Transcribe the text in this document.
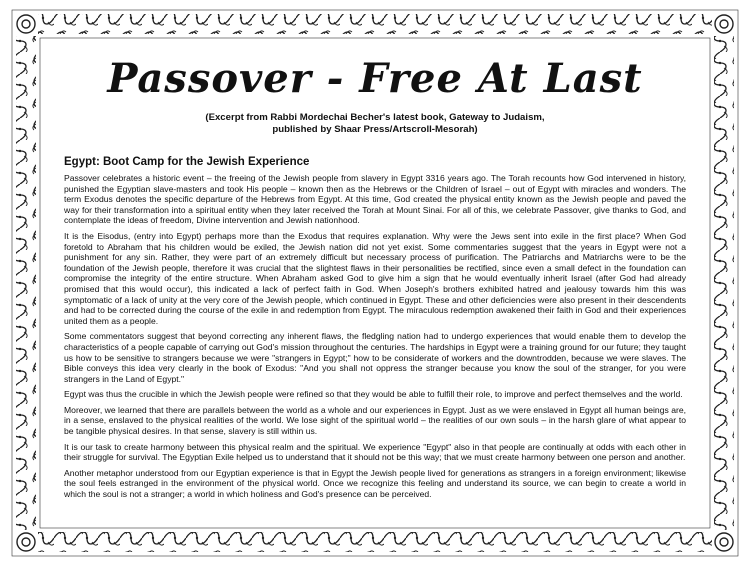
Passover - Free At Last

(Excerpt from Rabbi Mordechai Becher's latest book, Gateway to Judaism,
published by Shaar Press/Artscroll-Mesorah)

Egypt: Boot Camp for the Jewish Experience

Passover celebrates a historic event – the freeing of the Jewish people from slavery in Egypt 3316 years ago. The Torah recounts how God intervened in history, punished the Egyptian slave-masters and took His people – known then as the Hebrews or the Children of Israel – out of Egypt with miracles and wonders. The term Exodus denotes the specific departure of the Hebrews from Egypt. At this time, God created the physical entity known as the Jewish people and paved the way for their transformation into a spiritual entity when they later received the Torah at Mount Sinai. For all of this, we celebrate Passover, give thanks to God, and contemplate the ideas of freedom, Divine intervention and Jewish nationhood.

It is the Eisodus, (entry into Egypt) perhaps more than the Exodus that requires explanation. Why were the Jews sent into exile in the first place? When God foretold to Abraham that his children would be exiled, the Jewish nation did not yet exist. Some commentaries suggest that the years in Egypt were not a punishment for any sin. Rather, they were part of an extremely difficult but necessary process of purification. The Patriarchs and Matriarchs were to be the foundation of the Jewish people, therefore it was crucial that the slightest flaws in their personalities be rectified, since even a small defect in the foundation can compromise the integrity of the entire structure. When Abraham asked God to give him a sign that he would eventually inherit Israel (after God had already promised that this would occur), this indicated a lack of perfect faith in God. When Joseph's brothers exhibited hatred and jealousy towards him this was symptomatic of a lack of unity at the very core of the Jewish people, which continued in Egypt. These and other deficiencies were also present in their descendents and had to be corrected during the course of the exile in and redemption from Egypt. The miraculous redemption awakened their faith in God and their experiences united them as a people.

Some commentators suggest that beyond correcting any inherent flaws, the fledgling nation had to undergo experiences that would enable them to develop the characteristics of a people capable of carrying out God's mission throughout the centuries. The hardships in Egypt were a training ground for our future; they taught us how to be sensitive to strangers because we were "strangers in Egypt;" how to be considerate of workers and the downtrodden, because we were slaves. The Bible conveys this idea very clearly in the book of Exodus: "And you shall not oppress the stranger because you know the soul of the stranger, for you were strangers in the Land of Egypt."

Egypt was thus the crucible in which the Jewish people were refined so that they would be able to fulfill their role, to improve and perfect themselves and the world.

Moreover, we learned that there are parallels between the world as a whole and our experiences in Egypt. Just as we were enslaved in Egypt all human beings are, in a sense, enslaved to the physical realities of the world. We lose sight of the spiritual world – the realities of our own souls – in the harsh glare of what appear to be tangible physical desires. In that sense, slavery is still within us.

It is our task to create harmony between this physical realm and the spiritual. We experience "Egypt" also in that people are continually at odds with each other in their struggle for survival. The Egyptian Exile helped us to understand that it should not be this way; that we must create harmony between one person and another.

Another metaphor understood from our Egyptian experience is that in Egypt the Jewish people lived for generations as strangers in a foreign environment; likewise the soul feels estranged in the environment of the physical world. Once we recognize this feeling and understand its source, we can begin to create a world in which the soul is not a stranger; a world in which holiness and God's presence can be perceived.
